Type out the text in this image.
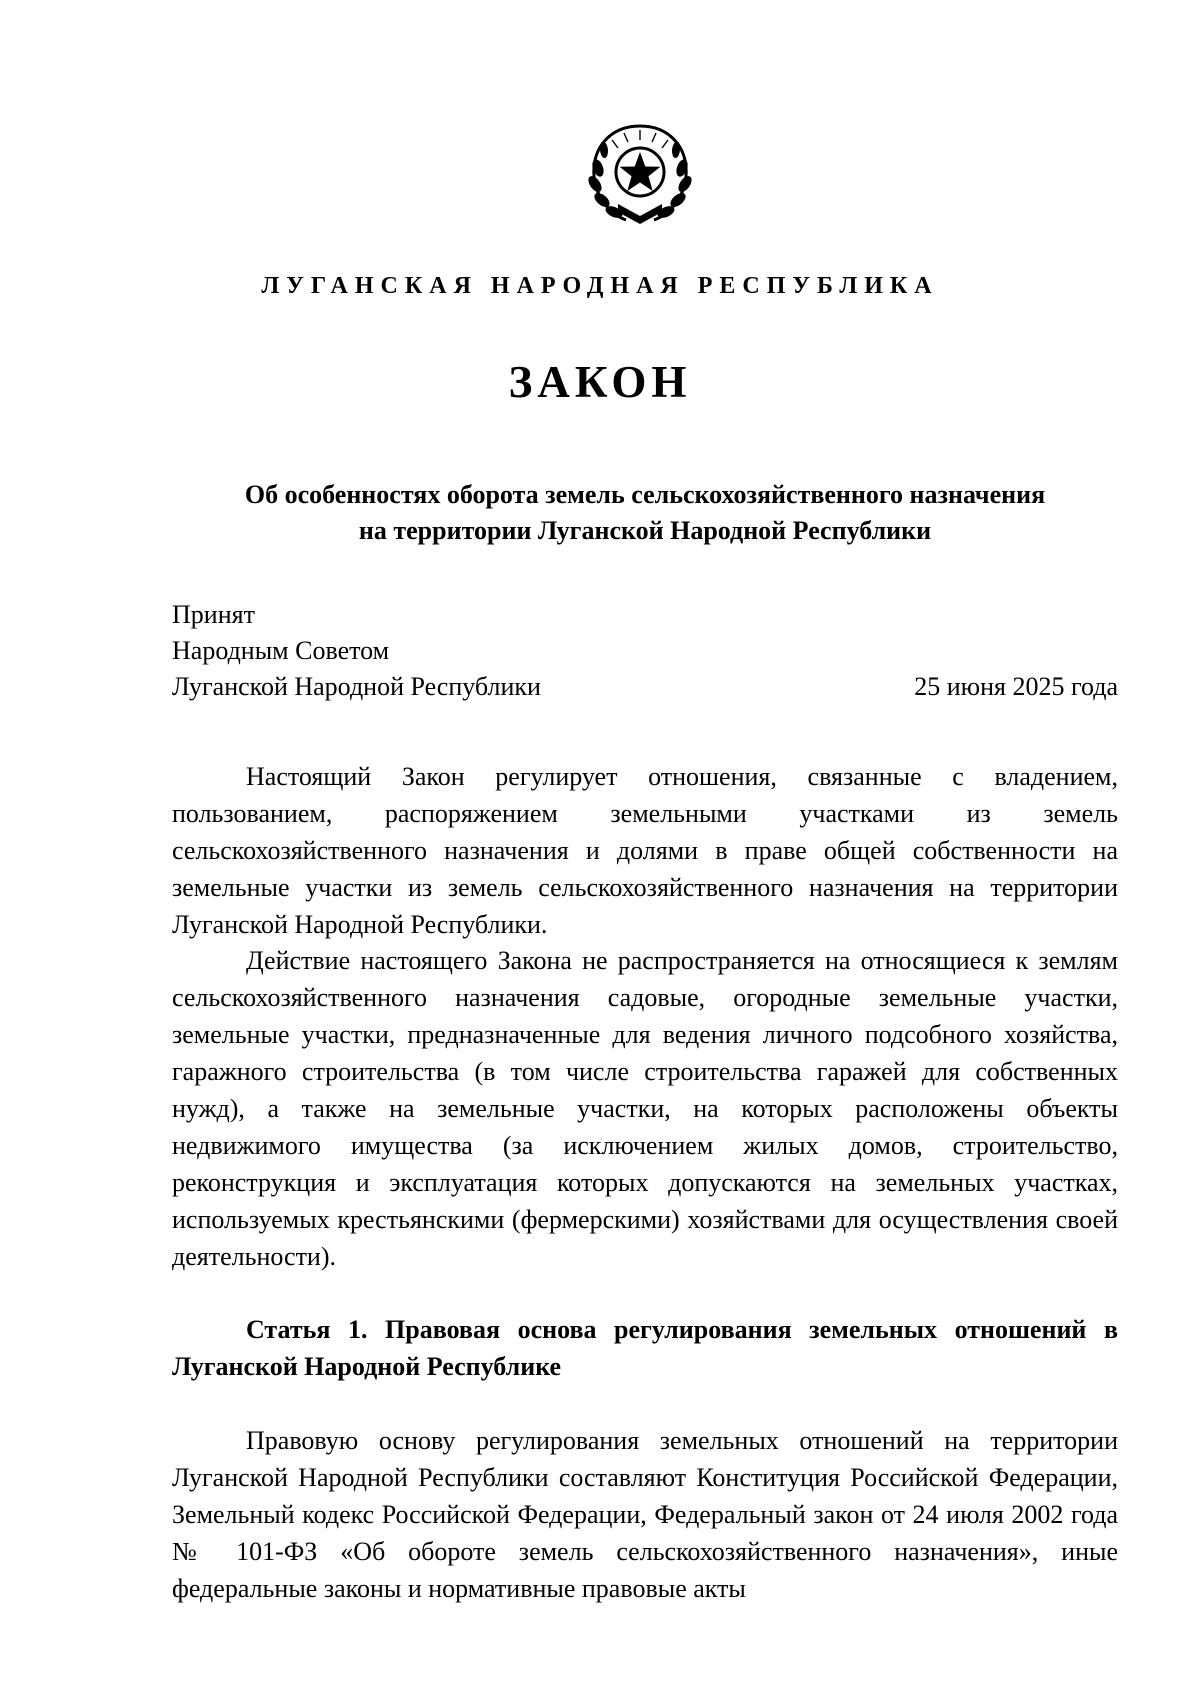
ЛУГАНСКАЯ НАРОДНАЯ РЕСПУБЛИКА
ЗАКОН
Об особенностях оборота земель сельскохозяйственного назначения
на территории Луганской Народной Республики
Принят
Народным Советом
Луганской Народной Республики	25 июня 2025 года

Настоящий Закон регулирует отношения, связанные с владением, пользованием, распоряжением земельными участками из земель сельскохозяйственного назначения и долями в праве общей собственности на земельные участки из земель сельскохозяйственного назначения на территории Луганской Народной Республики.

Действие настоящего Закона не распространяется на относящиеся к землям сельскохозяйственного назначения садовые, огородные земельные участки, земельные участки, предназначенные для ведения личного подсобного хозяйства, гаражного строительства (в том числе строительства гаражей для собственных нужд), а также на земельные участки, на которых расположены объекты недвижимого имущества (за исключением жилых домов, строительство, реконструкция и эксплуатация которых допускаются на земельных участках, используемых крестьянскими (фермерскими) хозяйствами для осуществления своей деятельности).

Статья 1. Правовая основа регулирования земельных отношений в Луганской Народной Республике

Правовую основу регулирования земельных отношений на территории Луганской Народной Республики составляют Конституция Российской Федерации, Земельный кодекс Российской Федерации, Федеральный закон от 24 июля 2002 года № 101-ФЗ «Об обороте земель сельскохозяйственного назначения», иные федеральные законы и нормативные правовые акты
